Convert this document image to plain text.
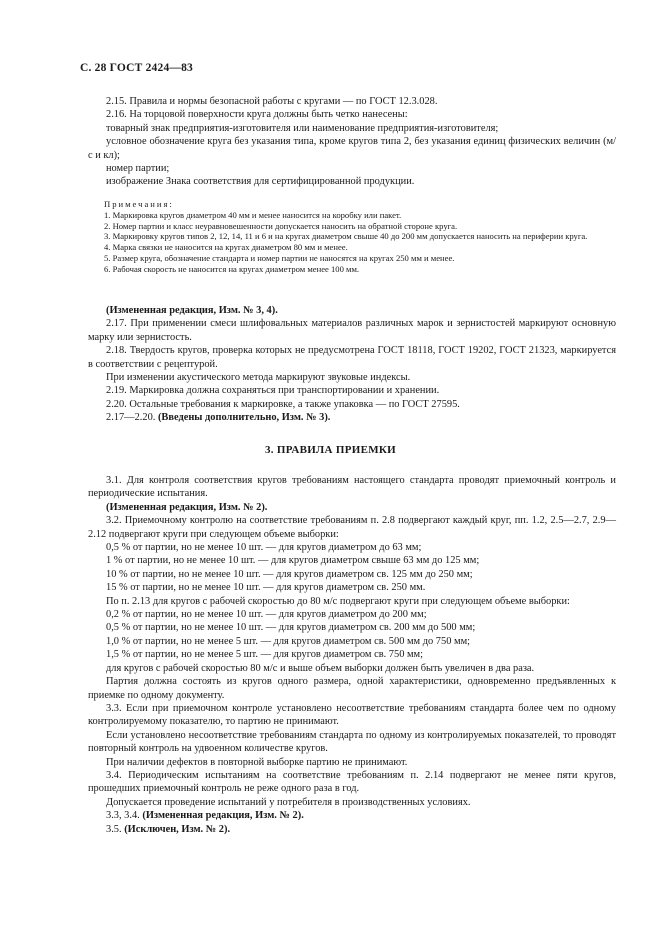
С. 28 ГОСТ 2424—83

2.15. Правила и нормы безопасной работы с кругами — по ГОСТ 12.3.028.

2.16. На торцовой поверхности круга должны быть четко нанесены:

товарный знак предприятия-изготовителя или наименование предприятия-изготовителя;

условное обозначение круга без указания типа, кроме кругов типа 2, без указания единиц физических величин (м/с и кл);

номер партии;

изображение Знака соответствия для сертифицированной продукции.

Примечания:

1. Маркировка кругов диаметром 40 мм и менее наносится на коробку или пакет.

2. Номер партии и класс неуравновешенности допускается наносить на обратной стороне круга.

3. Маркировку кругов типов 2, 12, 14, 11 и 6 и на кругах диаметром свыше 40 до 200 мм допускается наносить на периферии круга.

4. Марка связки не наносится на кругах диаметром 80 мм и менее.

5. Размер круга, обозначение стандарта и номер партии не наносятся на кругах 250 мм и менее.

6. Рабочая скорость не наносится на кругах диаметром менее 100 мм.

(Измененная редакция, Изм. № 3, 4).

2.17. При применении смеси шлифовальных материалов различных марок и зернистостей маркируют основную марку или зернистость.

2.18. Твердость кругов, проверка которых не предусмотрена ГОСТ 18118, ГОСТ 19202, ГОСТ 21323, маркируется в соответствии с рецептурой.

При изменении акустического метода маркируют звуковые индексы.

2.19. Маркировка должна сохраняться при транспортировании и хранении.

2.20. Остальные требования к маркировке, а также упаковка — по ГОСТ 27595.

2.17—2.20. (Введены дополнительно, Изм. № 3).

3. ПРАВИЛА ПРИЕМКИ

3.1. Для контроля соответствия кругов требованиям настоящего стандарта проводят приемочный контроль и периодические испытания.

(Измененная редакция, Изм. № 2).

3.2. Приемочному контролю на соответствие требованиям п. 2.8 подвергают каждый круг, пп. 1.2, 2.5—2.7, 2.9—2.12 подвергают круги при следующем объеме выборки:

0,5 % от партии, но не менее 10 шт. — для кругов диаметром до 63 мм;

1 % от партии, но не менее 10 шт. — для кругов диаметром свыше 63 мм до 125 мм;

10 % от партии, но не менее 10 шт. — для кругов диаметром св. 125 мм до 250 мм;

15 % от партии, но не менее 10 шт. — для кругов диаметром св. 250 мм.

По п. 2.13 для кругов с рабочей скоростью до 80 м/с подвергают круги при следующем объеме выборки:

0,2 % от партии, но не менее 10 шт. — для кругов диаметром до 200 мм;

0,5 % от партии, но не менее 10 шт. — для кругов диаметром св. 200 мм до 500 мм;

1,0 % от партии, но не менее 5 шт. — для кругов диаметром св. 500 мм до 750 мм;

1,5 % от партии, но не менее 5 шт. — для кругов диаметром св. 750 мм;

для кругов с рабочей скоростью 80 м/с и выше объем выборки должен быть увеличен в два раза.

Партия должна состоять из кругов одного размера, одной характеристики, одновременно предъявленных к приемке по одному документу.

3.3. Если при приемочном контроле установлено несоответствие требованиям стандарта более чем по одному контролируемому показателю, то партию не принимают.

Если установлено несоответствие требованиям стандарта по одному из контролируемых показателей, то проводят повторный контроль на удвоенном количестве кругов.

При наличии дефектов в повторной выборке партию не принимают.

3.4. Периодическим испытаниям на соответствие требованиям п. 2.14 подвергают не менее пяти кругов, прошедших приемочный контроль не реже одного раза в год.

Допускается проведение испытаний у потребителя в производственных условиях.

3.3, 3.4. (Измененная редакция, Изм. № 2).

3.5. (Исключен, Изм. № 2).
